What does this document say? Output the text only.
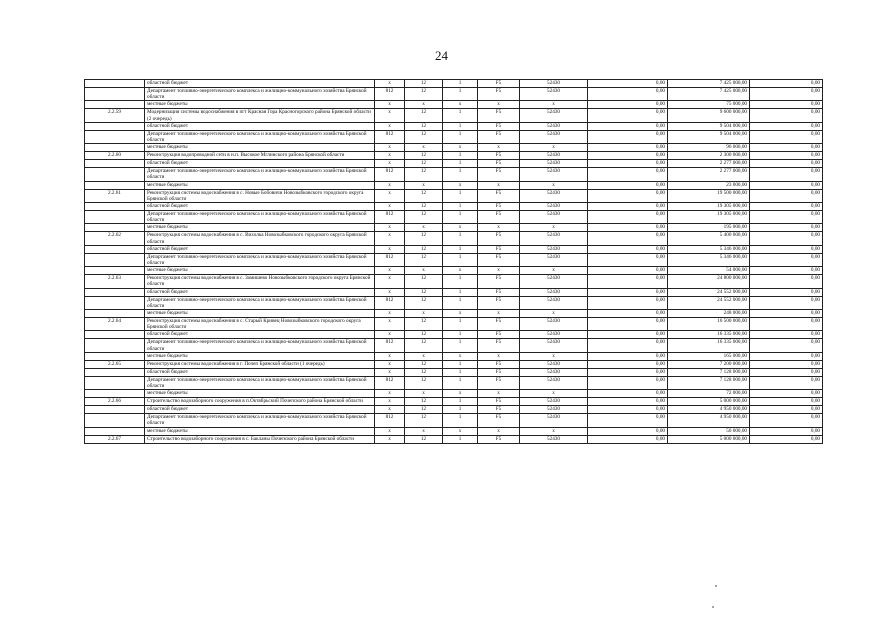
24
	областной бюджет	x	12	1	F5	52430	0,00	7 425 000,00	0,00
	Департамент топливно-энергетического комплекса и жилищно-коммунального хозяйства Брянской области	812	12	1	F5	52430	0,00	7 425 000,00	0,00
	местные бюджеты	x	x	x	x	x	0,00	75 000,00	0,00
2.2.59	Модернизация системы водоснабжения в пгт Красная Гора Красногорского района Брянской области (2 очередь)	x	12	1	F5	52430	0,00	9 600 000,00	0,00
	областной бюджет	x	12	1	F5	52430	0,00	9 504 000,00	0,00
	Департамент топливно-энергетического комплекса и жилищно-коммунального хозяйства Брянской области	812	12	1	F5	52430	0,00	9 504 000,00	0,00
	местные бюджеты	x	x	x	x	x	0,00	96 000,00	0,00
2.2.60	Реконструкция водопроводной сети в н.п. Высокое Мглинского района Брянской области	x	12	1	F5	52430	0,00	2 300 000,00	0,00
	областной бюджет	x	12	1	F5	52430	0,00	2 277 000,00	0,00
	Департамент топливно-энергетического комплекса и жилищно-коммунального хозяйства Брянской области	812	12	1	F5	52430	0,00	2 277 000,00	0,00
	местные бюджеты	x	x	x	x	x	0,00	23 000,00	0,00
2.2.61	Реконструкция системы водоснабжения в с. Новые Бобовичи Новозыбковского городского округа Брянской области	x	12	1	F5	52430	0,00	19 500 000,00	0,00
	областной бюджет	x	12	1	F5	52430	0,00	19 305 000,00	0,00
	Департамент топливно-энергетического комплекса и жилищно-коммунального хозяйства Брянской области	812	12	1	F5	52430	0,00	19 305 000,00	0,00
	местные бюджеты	x	x	x	x	x	0,00	195 000,00	0,00
2.2.62	Реконструкция системы водоснабжения в с. Вихолка Новозыбковского городского округа Брянской области	x	12	1	F5	52430	0,00	5 400 000,00	0,00
	областной бюджет	x	12	1	F5	52430	0,00	5 346 000,00	0,00
	Департамент топливно-энергетического комплекса и жилищно-коммунального хозяйства Брянской области	812	12	1	F5	52430	0,00	5 346 000,00	0,00
	местные бюджеты	x	x	x	x	x	0,00	54 000,00	0,00
2.2.63	Реконструкция системы водоснабжения в с. Замишево Новозыбковского городского округа Брянской области	x	12	1	F5	52430	0,00	24 800 000,00	0,00
	областной бюджет	x	12	1	F5	52430	0,00	24 552 000,00	0,00
	Департамент топливно-энергетического комплекса и жилищно-коммунального хозяйства Брянской области	812	12	1	F5	52430	0,00	24 552 000,00	0,00
	местные бюджеты	x	x	x	x	x	0,00	248 000,00	0,00
2.2.64	Реконструкция системы водоснабжения в с. Старый Кривец Новозыбковского городского округа Брянской области	x	12	1	F5	52430	0,00	16 500 000,00	0,00
	областной бюджет	x	12	1	F5	52430	0,00	16 335 000,00	0,00
	Департамент топливно-энергетического комплекса и жилищно-коммунального хозяйства Брянской области	812	12	1	F5	52430	0,00	16 335 000,00	0,00
	местные бюджеты	x	x	x	x	x	0,00	165 000,00	0,00
2.2.65	Реконструкция системы водоснабжения в г. Почеп Брянской области (1 очередь)	x	12	1	F5	52430	0,00	7 200 000,00	0,00
	областной бюджет	x	12	1	F5	52430	0,00	7 128 000,00	0,00
	Департамент топливно-энергетического комплекса и жилищно-коммунального хозяйства Брянской области	812	12	1	F5	52430	0,00	7 128 000,00	0,00
	местные бюджеты	x	x	x	x	x	0,00	72 000,00	0,00
2.2.66	Строительство водозаборного сооружения в п.Октябрьский Почепского района Брянской области	x	12	1	F5	52430	0,00	5 000 000,00	0,00
	областной бюджет	x	12	1	F5	52430	0,00	4 950 000,00	0,00
	Департамент топливно-энергетического комплекса и жилищно-коммунального хозяйства Брянской области	812	12	1	F5	52430	0,00	4 950 000,00	0,00
	местные бюджеты	x	x	x	x	x	0,00	50 000,00	0,00
2.2.67	Строительство водозаборного сооружения в с. Бакланы Почепского района Брянской области	x	12	1	F5	52430	0,00	5 000 000,00	0,00
